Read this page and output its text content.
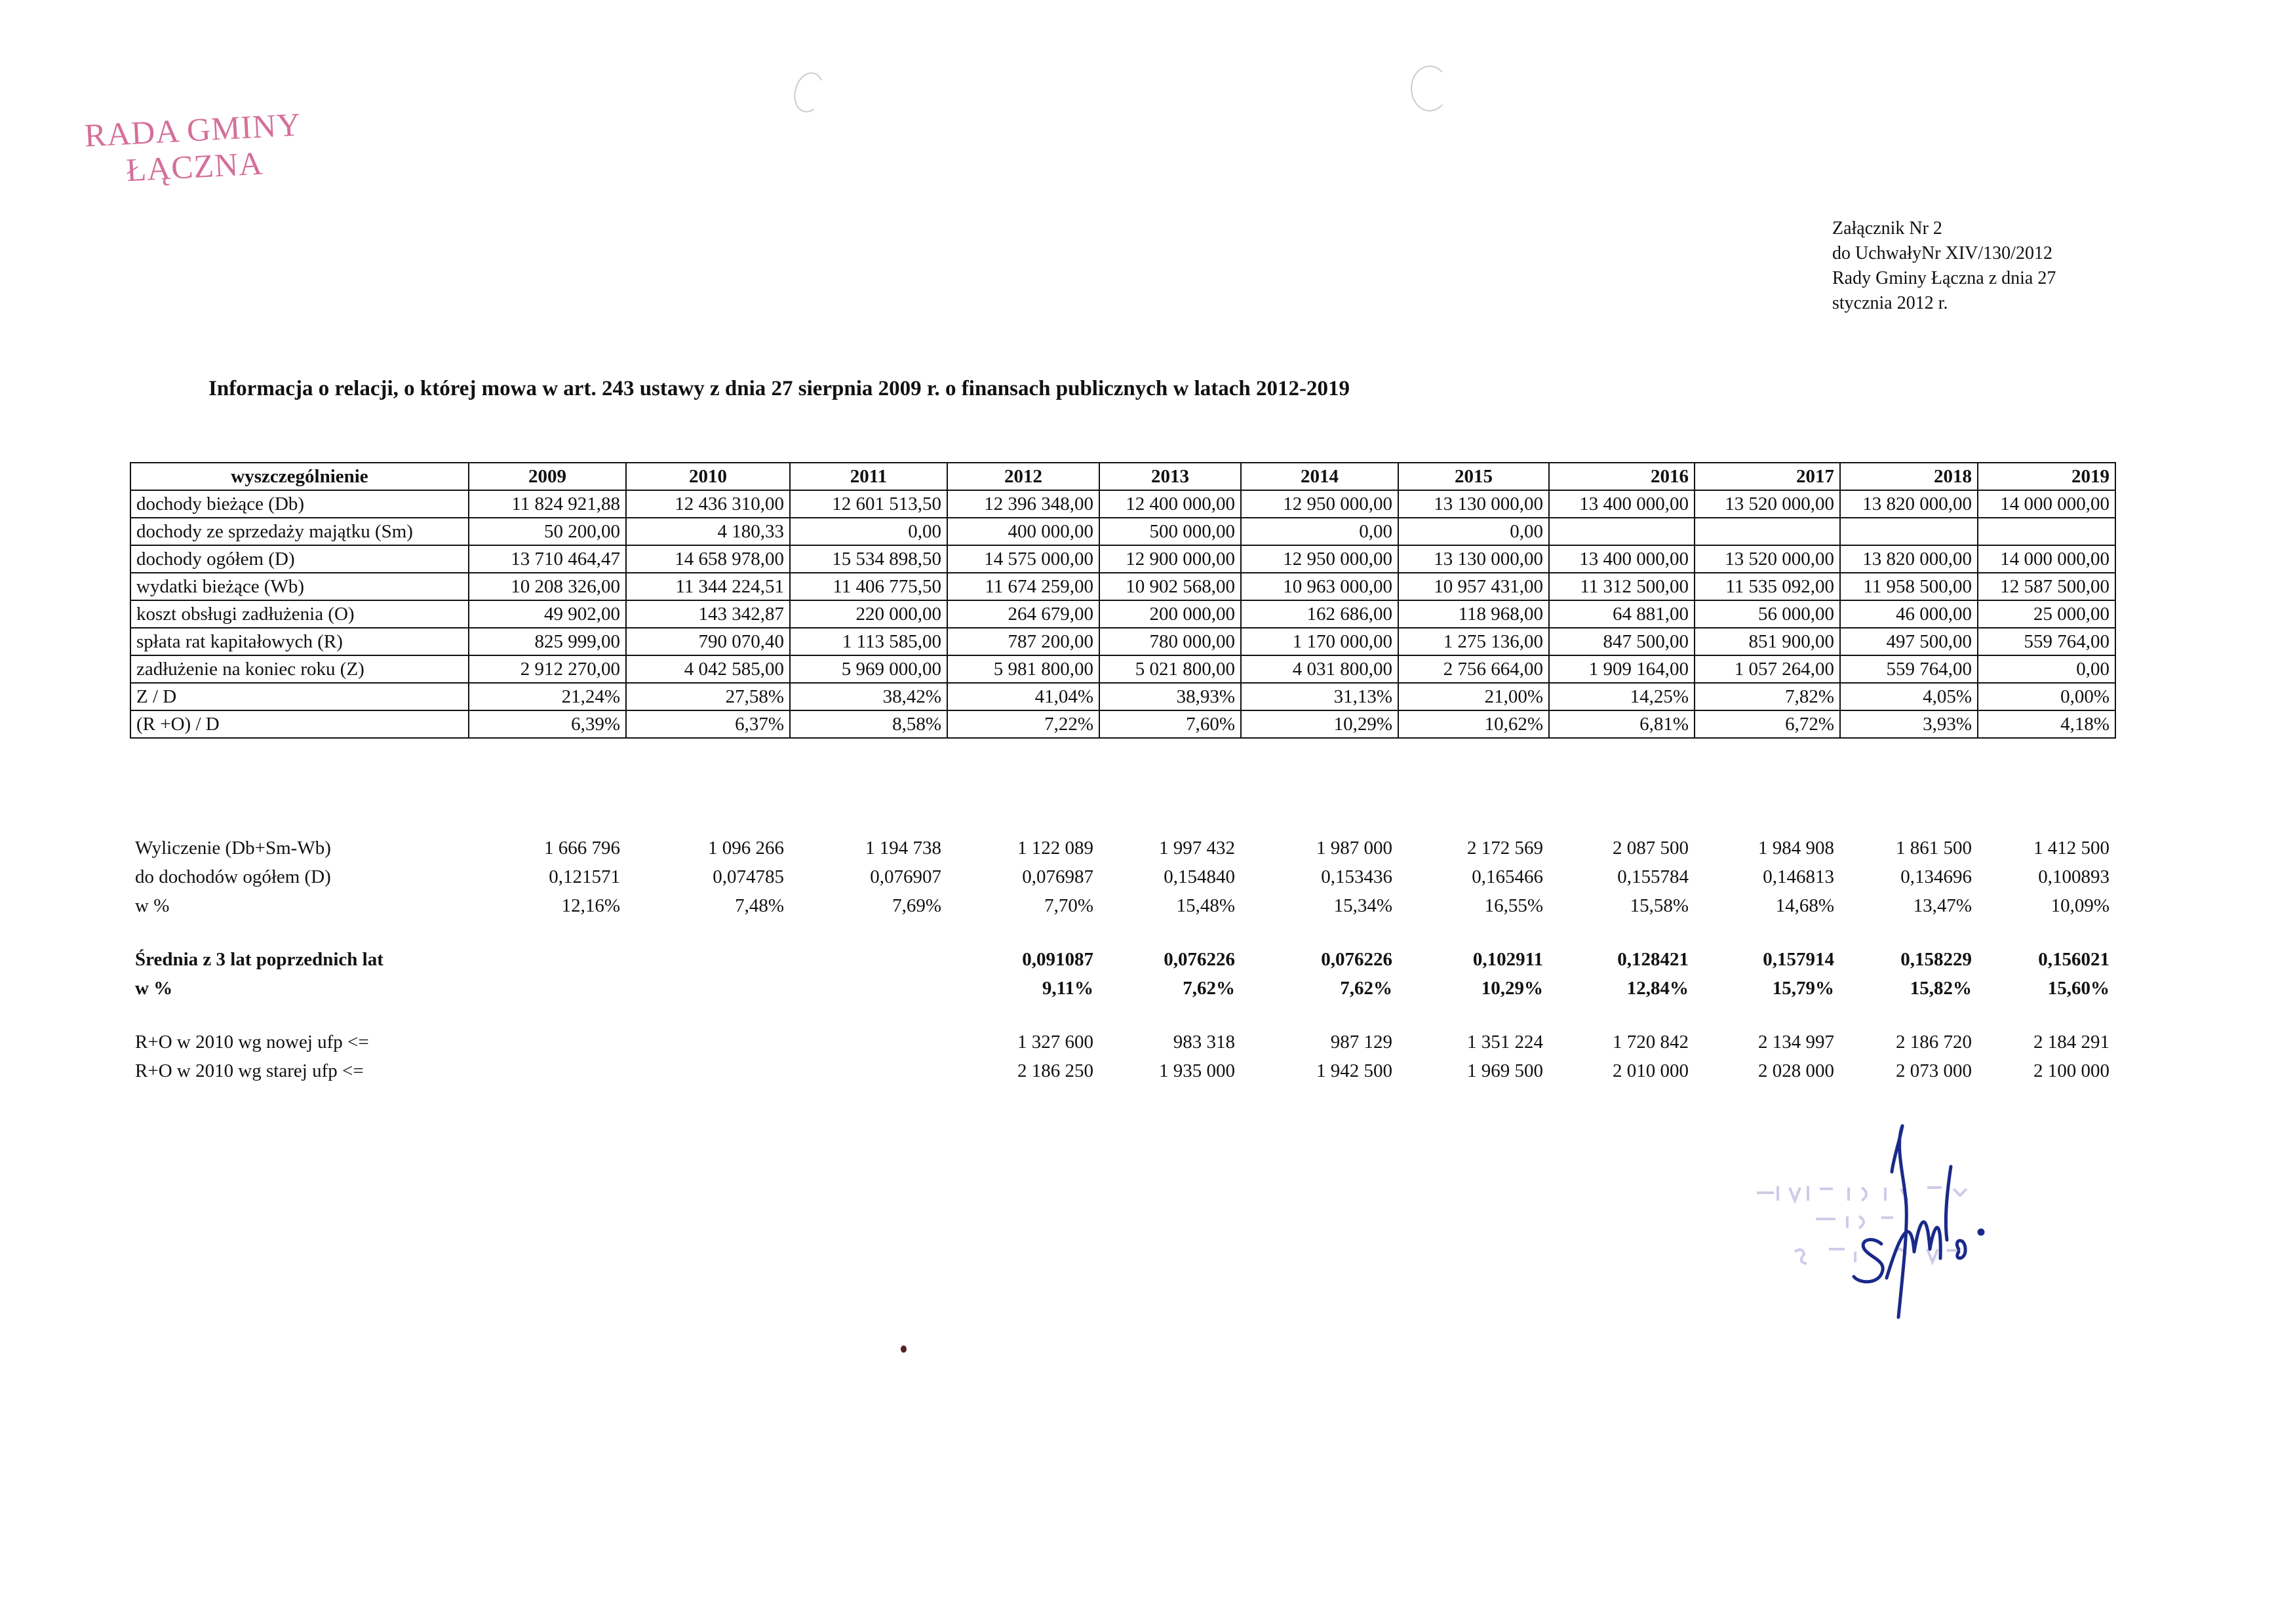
RADA GMINY
ŁĄCZNA
Załącznik Nr 2
do UchwałyNr XIV/130/2012
Rady Gminy Łączna z dnia 27
stycznia 2012 r.
Informacja o relacji, o której mowa w art. 243 ustawy z dnia 27 sierpnia 2009 r. o finansach publicznych w latach 2012-2019
wyszczególnienie	2009	2010	2011	2012	2013	2014	2015	2016	2017	2018	2019
dochody bieżące (Db)	11 824 921,88	12 436 310,00	12 601 513,50	12 396 348,00	12 400 000,00	12 950 000,00	13 130 000,00	13 400 000,00	13 520 000,00	13 820 000,00	14 000 000,00
dochody ze sprzedaży majątku (Sm)	50 200,00	4 180,33	0,00	400 000,00	500 000,00	0,00	0,00				
dochody ogółem (D)	13 710 464,47	14 658 978,00	15 534 898,50	14 575 000,00	12 900 000,00	12 950 000,00	13 130 000,00	13 400 000,00	13 520 000,00	13 820 000,00	14 000 000,00
wydatki bieżące (Wb)	10 208 326,00	11 344 224,51	11 406 775,50	11 674 259,00	10 902 568,00	10 963 000,00	10 957 431,00	11 312 500,00	11 535 092,00	11 958 500,00	12 587 500,00
koszt obsługi zadłużenia (O)	49 902,00	143 342,87	220 000,00	264 679,00	200 000,00	162 686,00	118 968,00	64 881,00	56 000,00	46 000,00	25 000,00
spłata rat kapitałowych (R)	825 999,00	790 070,40	1 113 585,00	787 200,00	780 000,00	1 170 000,00	1 275 136,00	847 500,00	851 900,00	497 500,00	559 764,00
zadłużenie na koniec roku (Z)	2 912 270,00	4 042 585,00	5 969 000,00	5 981 800,00	5 021 800,00	4 031 800,00	2 756 664,00	1 909 164,00	1 057 264,00	559 764,00	0,00
Z / D	21,24%	27,58%	38,42%	41,04%	38,93%	31,13%	21,00%	14,25%	7,82%	4,05%	0,00%
(R +O) / D	6,39%	6,37%	8,58%	7,22%	7,60%	10,29%	10,62%	6,81%	6,72%	3,93%	4,18%
Wyliczenie (Db+Sm-Wb)	1 666 796	1 096 266	1 194 738	1 122 089	1 997 432	1 987 000	2 172 569	2 087 500	1 984 908	1 861 500	1 412 500
do dochodów ogółem (D)	0,121571	0,074785	0,076907	0,076987	0,154840	0,153436	0,165466	0,155784	0,146813	0,134696	0,100893
w %	12,16%	7,48%	7,69%	7,70%	15,48%	15,34%	16,55%	15,58%	14,68%	13,47%	10,09%

Średnia z 3 lat poprzednich lat				0,091087	0,076226	0,076226	0,102911	0,128421	0,157914	0,158229	0,156021
w %				9,11%	7,62%	7,62%	10,29%	12,84%	15,79%	15,82%	15,60%

R+O w 2010 wg nowej ufp <=				1 327 600	983 318	987 129	1 351 224	1 720 842	2 134 997	2 186 720	2 184 291
R+O w 2010 wg starej ufp <=				2 186 250	1 935 000	1 942 500	1 969 500	2 010 000	2 028 000	2 073 000	2 100 000
